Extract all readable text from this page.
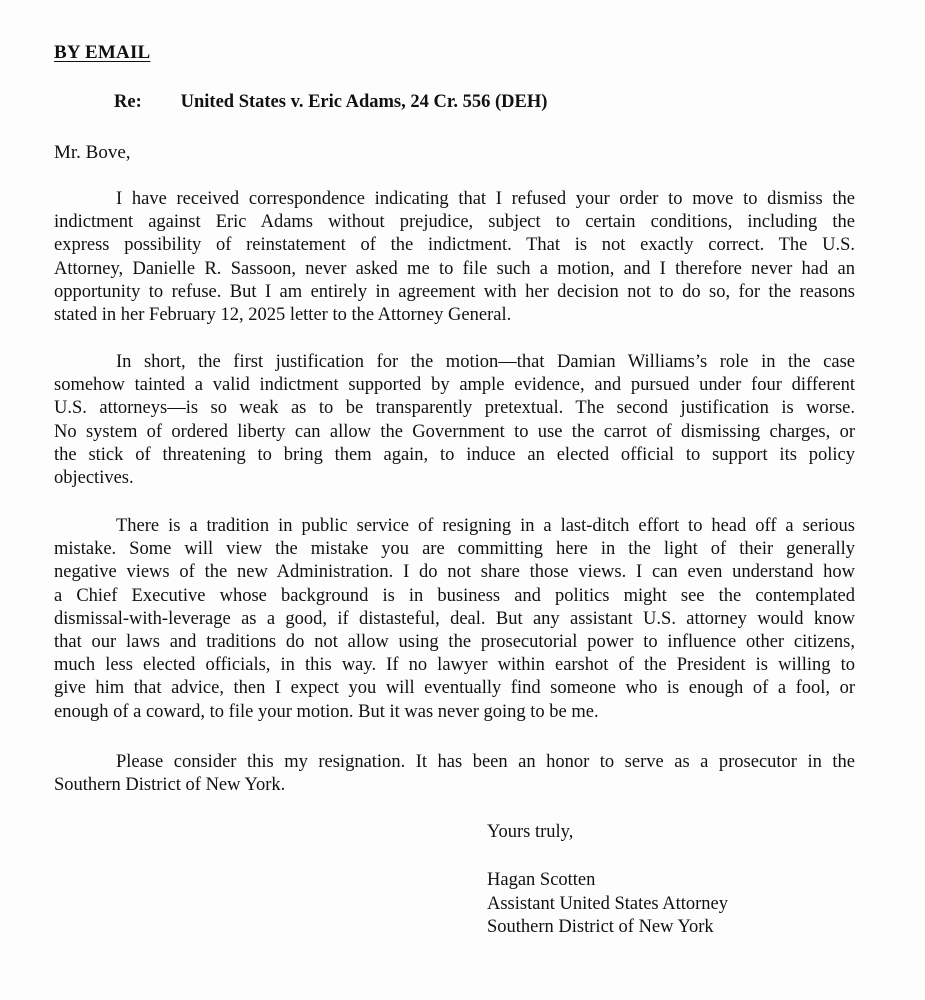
BY EMAIL
Re: United States v. Eric Adams, 24 Cr. 556 (DEH)
Mr. Bove,

I have received correspondence indicating that I refused your order to move to dismiss the
indictment against Eric Adams without prejudice, subject to certain conditions, including the
express possibility of reinstatement of the indictment. That is not exactly correct. The U.S.
Attorney, Danielle R. Sassoon, never asked me to file such a motion, and I therefore never had an
opportunity to refuse. But I am entirely in agreement with her decision not to do so, for the reasons
stated in her February 12, 2025 letter to the Attorney General.

In short, the first justification for the motion—that Damian Williams’s role in the case
somehow tainted a valid indictment supported by ample evidence, and pursued under four different
U.S. attorneys—is so weak as to be transparently pretextual. The second justification is worse.
No system of ordered liberty can allow the Government to use the carrot of dismissing charges, or
the stick of threatening to bring them again, to induce an elected official to support its policy
objectives.

There is a tradition in public service of resigning in a last-ditch effort to head off a serious
mistake. Some will view the mistake you are committing here in the light of their generally
negative views of the new Administration. I do not share those views. I can even understand how
a Chief Executive whose background is in business and politics might see the contemplated
dismissal-with-leverage as a good, if distasteful, deal. But any assistant U.S. attorney would know
that our laws and traditions do not allow using the prosecutorial power to influence other citizens,
much less elected officials, in this way. If no lawyer within earshot of the President is willing to
give him that advice, then I expect you will eventually find someone who is enough of a fool, or
enough of a coward, to file your motion. But it was never going to be me.

Please consider this my resignation. It has been an honor to serve as a prosecutor in the
Southern District of New York.

Yours truly,
Hagan Scotten
Assistant United States Attorney
Southern District of New York
